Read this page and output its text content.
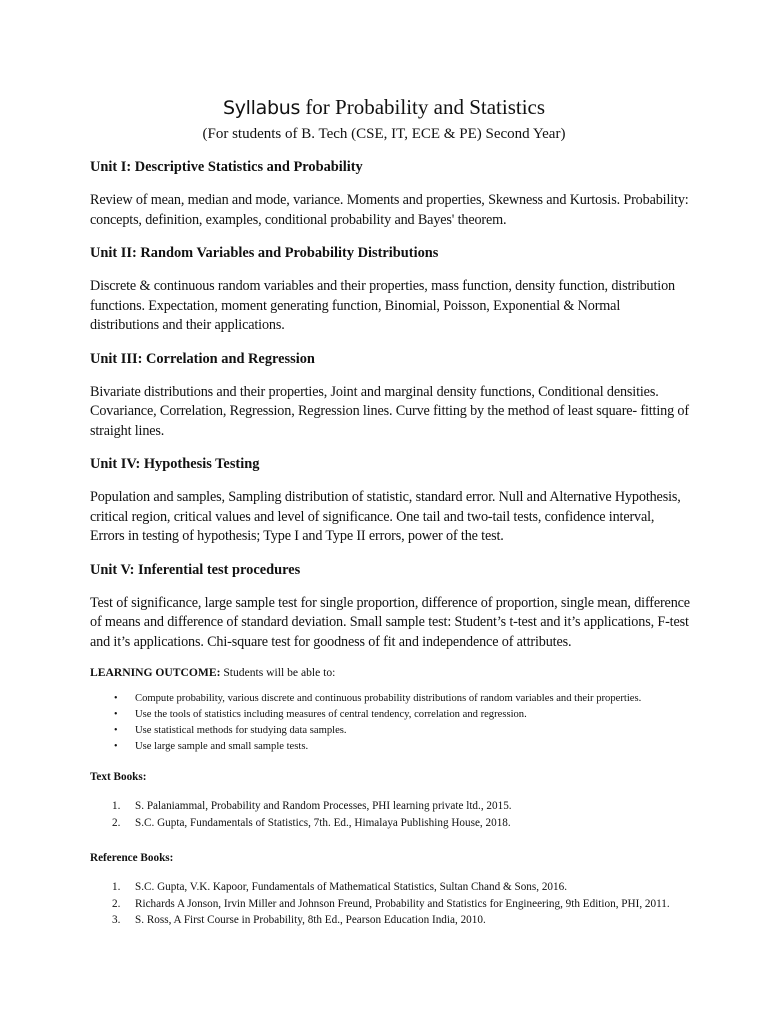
Syllabus for Probability and Statistics
(For students of B. Tech (CSE, IT, ECE & PE) Second Year)
Unit I: Descriptive Statistics and Probability
Review of mean, median and mode, variance. Moments and properties, Skewness and Kurtosis. Probability: concepts, definition, examples, conditional probability and Bayes' theorem.
Unit II: Random Variables and Probability Distributions
Discrete & continuous random variables and their properties, mass function, density function, distribution functions. Expectation, moment generating function, Binomial, Poisson, Exponential & Normal distributions and their applications.
Unit III: Correlation and Regression
Bivariate distributions and their properties, Joint and marginal density functions, Conditional densities. Covariance, Correlation, Regression, Regression lines. Curve fitting by the method of least square- fitting of straight lines.
Unit IV: Hypothesis Testing
Population and samples, Sampling distribution of statistic, standard error. Null and Alternative Hypothesis, critical region, critical values and level of significance. One tail and two-tail tests, confidence interval, Errors in testing of hypothesis; Type I and Type II errors, power of the test.
Unit V: Inferential test procedures
Test of significance, large sample test for single proportion, difference of proportion, single mean, difference of means and difference of standard deviation. Small sample test: Student’s t-test and it’s applications, F-test and it’s applications. Chi-square test for goodness of fit and independence of attributes.
LEARNING OUTCOME: Students will be able to:
• Compute probability, various discrete and continuous probability distributions of random variables and their properties.
• Use the tools of statistics including measures of central tendency, correlation and regression.
• Use statistical methods for studying data samples.
• Use large sample and small sample tests.
Text Books:
1. S. Palaniammal, Probability and Random Processes, PHI learning private ltd., 2015.
2. S.C. Gupta, Fundamentals of Statistics, 7th. Ed., Himalaya Publishing House, 2018.
Reference Books:
1. S.C. Gupta, V.K. Kapoor, Fundamentals of Mathematical Statistics, Sultan Chand & Sons, 2016.
2. Richards A Jonson, Irvin Miller and Johnson Freund, Probability and Statistics for Engineering, 9th Edition, PHI, 2011.
3. S. Ross, A First Course in Probability, 8th Ed., Pearson Education India, 2010.
